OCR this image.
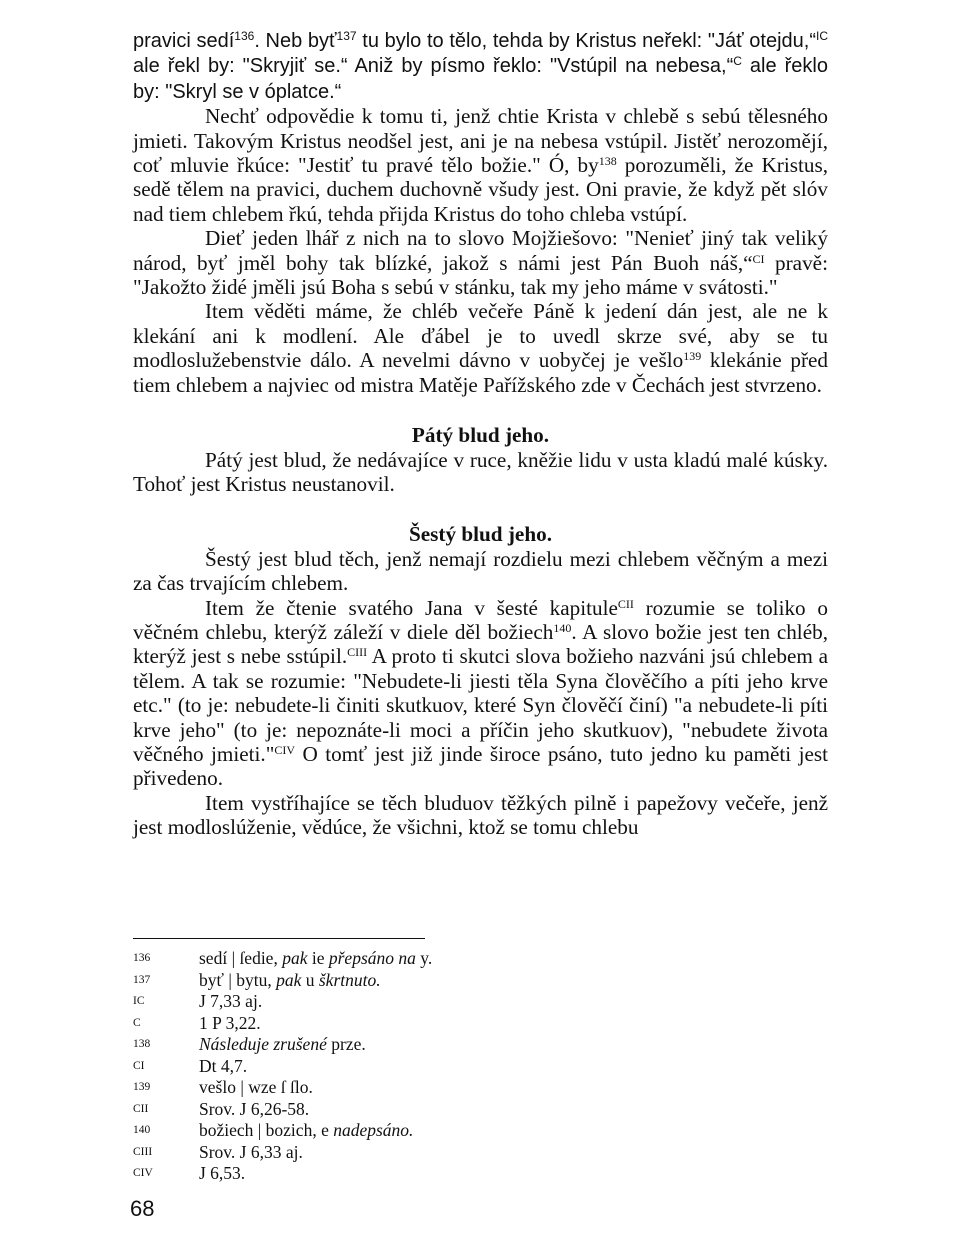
pravici sedí$^{136}$. Neb byť$^{137}$ tu bylo to tělo, tehda by Kristus neřekl: "Jáť otejdu,“$^{IC}$ ale řekl by: "Skryjiť se.“ Aniž by písmo řeklo: "Vstúpil na nebesa,“$^C$ ale řeklo by: "Skryl se v óplatce.“

Nechť odpovědie k tomu ti, jenž chtie Krista v chlebě s sebú tělesného jmieti. Takovým Kristus neodšel jest, ani je na nebesa vstúpil. Jistěť nerozomějí, coť mluvie řkúce: "Jestiť tu pravé tělo božie." Ó, $by^{138}$ porozuměli, že Kristus, sedě tělem na pravici, duchem duchovně všudy jest. Oni pravie, že když pět slóv nad tiem chlebem řkú, tehda přijda Kristus do toho chleba vstúpí.

Dieť jeden lhář z nich na to slovo Mojžiešovo: "Nenieť jiný tak veliký národ, byť jměl bohy tak blízké, jakož s námi jest Pán Buoh náš,“$^{CI}$ pravě: "Jakožto židé jměli jsú Boha s sebú v stánku, tak my jeho máme v svátosti."

Item věděti máme, že chléb večeře Páně k jedení dán jest, ale ne k klekání ani k modlení. Ale ďábel je to uvedl skrze své, aby se tu modloslužebenstvie dálo. A nevelmi dávno v uobyčej je vešlo$^{139}$ klekánie před tiem chlebem a najviec od mistra Matěje Pařížského zde v Čechách jest stvrzeno.

Pátý blud jeho.

Pátý jest blud, že nedávajíce v ruce, kněžie lidu v usta kladú malé kúsky. Tohoť jest Kristus neustanovil.

Šestý blud jeho.

Šestý jest blud těch, jenž nemají rozdielu mezi chlebem věčným a mezi za čas trvajícím chlebem.

Item že čtenie svatého Jana v šesté kapitule$^{CII}$ rozumie se toliko o věčném chlebu, kterýž záleží v diele děl božiech$^{140}$. A slovo božie jest ten chléb, kterýž jest s nebe sstúpil.$^{CIII}$ A proto ti skutci slova božieho nazváni jsú chlebem a tělem. A tak se rozumie: "Nebudete-li jiesti těla Syna člověčího a píti jeho krve etc." (to je: nebudete-li činiti skutkuov, které Syn člověčí činí) "a nebudete-li píti krve jeho" (to je: nepoznáte-li moci a příčin jeho skutkuov), "nebudete života věčného jmieti."$^{CIV}$ O tomť jest již jinde široce psáno, tuto jedno ku paměti jest přivedeno.

Item vystříhajíce se těch bluduov těžkých pilně i papežovy večeře, jenž jest modloslúženie, vědúce, že všichni, ktož se tomu chlebu

136	sedí | ſedie, pak ie přepsáno na y.
137	byť | bytu, pak u škrtnuto.
IC	J 7,33 aj.
C	1 P 3,22.
138	Následuje zrušené prze.
CI	Dt 4,7.
139	vešlo | wze ſ ſlo.
CII	Srov. J 6,26-58.
140	božiech | bozich, e nadepsáno.
CIII	Srov. J 6,33 aj.
CIV	J 6,53.
68
